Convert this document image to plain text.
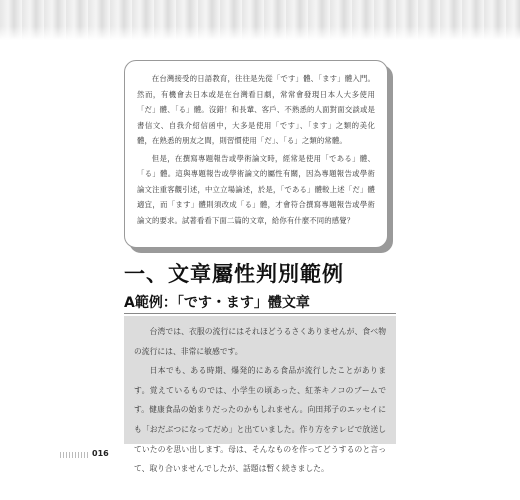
在台灣接受的日語教育，往往是先從「です」體、「ます」體入門。然而，有機會去日本或是在台灣看日劇，常常會發現日本人大多使用「だ」體、「る」體。沒錯！和長輩、客戶、不熟悉的人面對面交談或是書信文、自我介紹信函中，大多是使用「です」、「ます」之類的美化體，在熟悉的朋友之間，則習慣使用「だ」、「る」之類的常體。

但是，在撰寫專題報告或學術論文時，經常是使用「である」體、「る」體。這與專題報告或學術論文的屬性有關，因為專題報告或學術論文注重客觀引述，中立立場論述，於是，「である」體較上述「だ」體適宜，而「ます」體則須改成「る」體，才會符合撰寫專題報告或學術論文的要求。試著看看下面二篇的文章，給你有什麼不同的感覺？

一、文章屬性判別範例
A範例：「です・ます」體文章

台湾では、衣服の流行にはそれほどうるさくありませんが、食べ物の流行には、非常に敏感です。

日本でも、ある時期、爆発的にある食品が流行したことがあります。覚えているものでは、小学生の頃あった、紅茶キノコのブームです。健康食品の始まりだったのかもしれません。向田邦子のエッセイにも「おだぶつになってだめ」と出ていました。作り方をテレビで放送していたのを思い出します。母は、そんなものを作ってどうするのと言って、取り合いませんでしたが、話題は暫く続きました。

016
